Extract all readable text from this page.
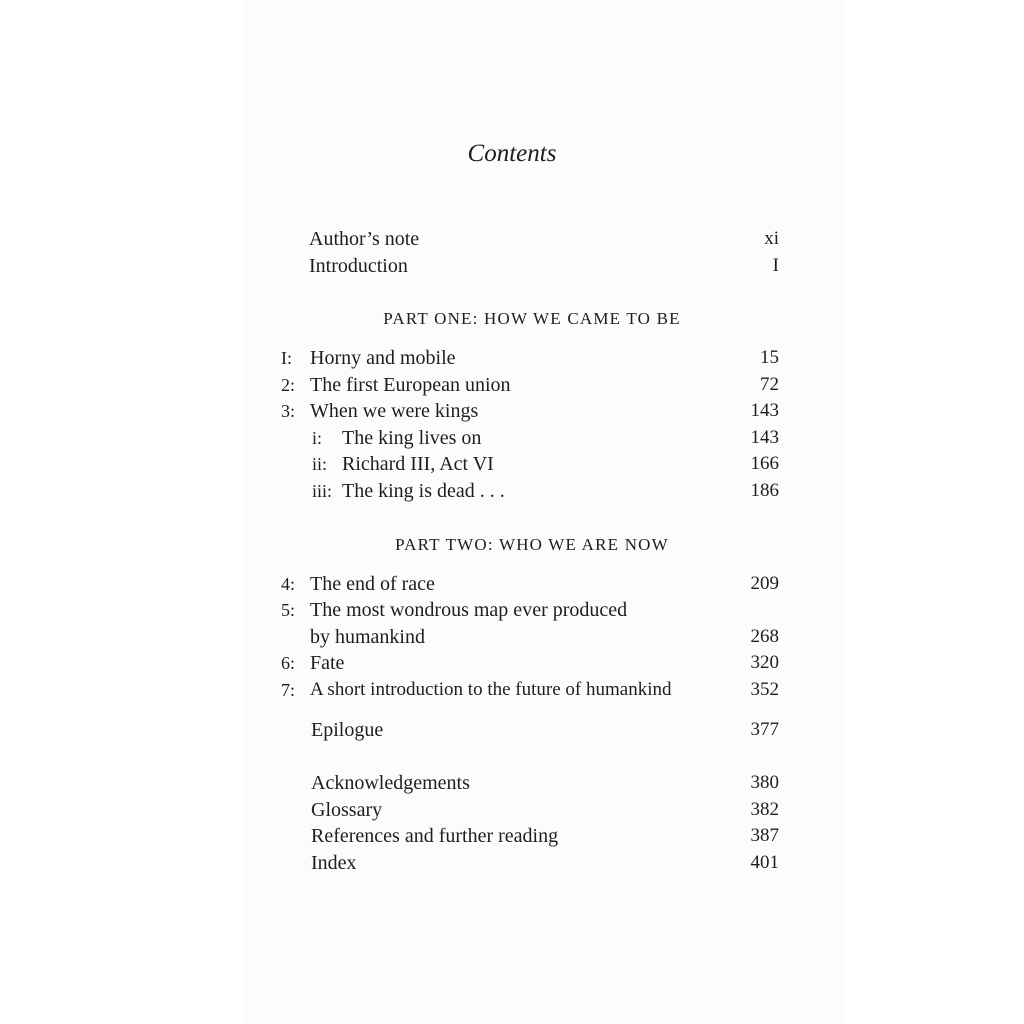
Contents
Author’s note	xi
Introduction	I
PART ONE: HOW WE CAME TO BE
I: Horny and mobile	15
2: The first European union	72
3: When we were kings	143
i: The king lives on	143
ii: Richard III, Act VI	166
iii: The king is dead . . .	186
PART TWO: WHO WE ARE NOW
4: The end of race	209
5: The most wondrous map ever produced
by humankind	268
6: Fate	320
7: A short introduction to the future of humankind	352
Epilogue	377
Acknowledgements	380
Glossary	382
References and further reading	387
Index	401
